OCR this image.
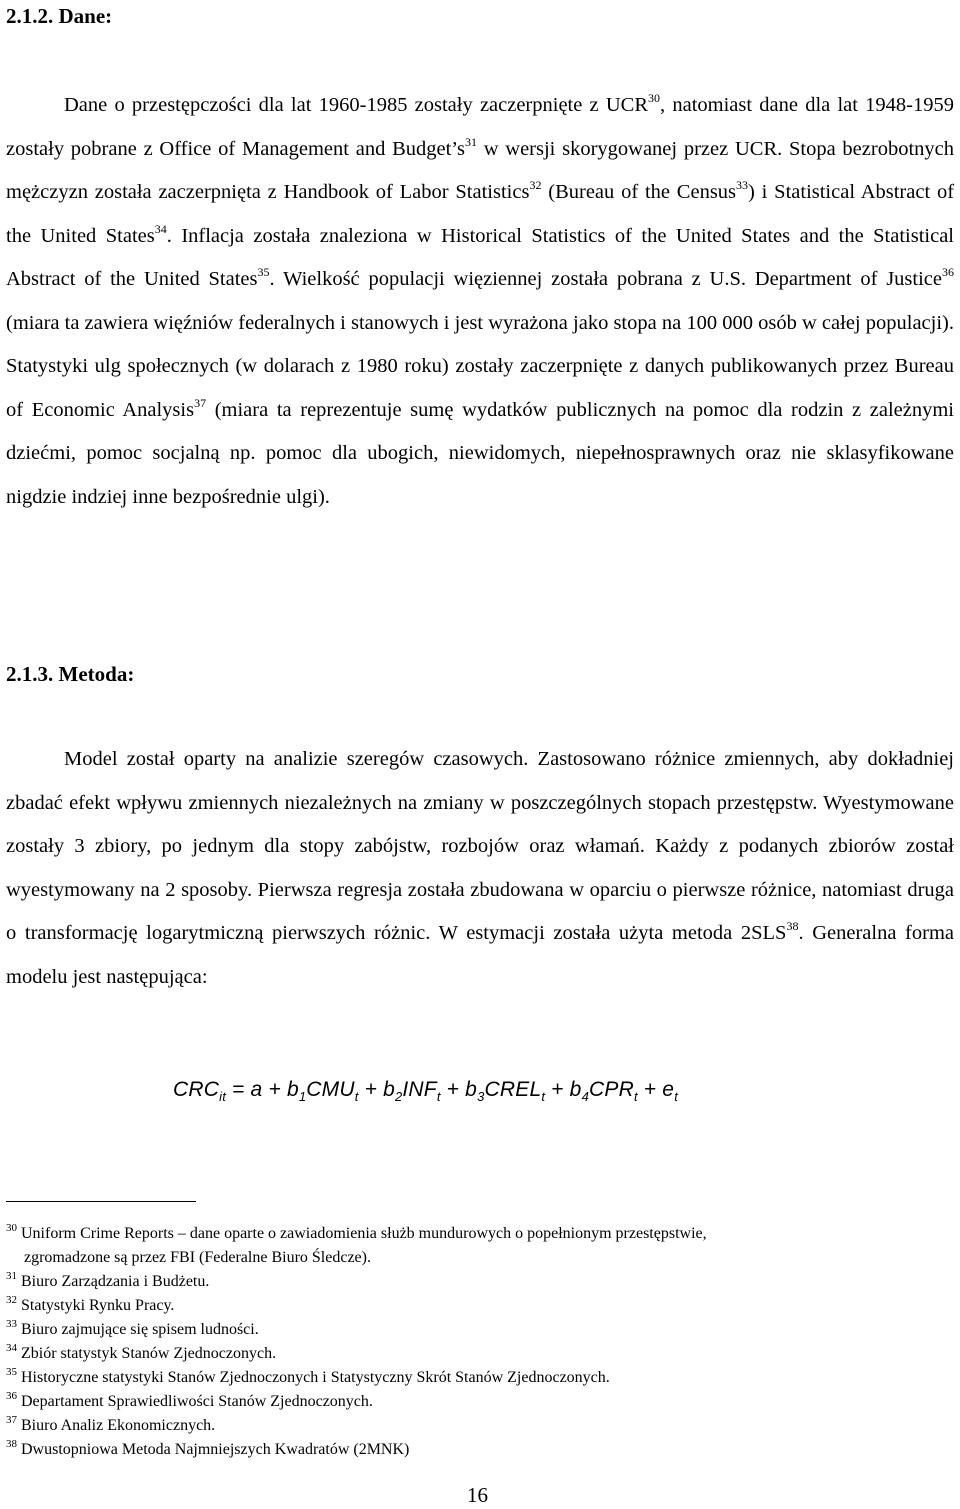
2.1.2. Dane:

Dane o przestępczości dla lat 1960-1985 zostały zaczerpnięte z UCR$^{30}$, natomiast dane dla lat 1948-1959 zostały pobrane z Office of Management and $Budget’s^{31}$ w wersji skorygowanej przez UCR. Stopa bezrobotnych mężczyzn została zaczerpnięta z Handbook of Labor Statistics$^{32}$ (Bureau of the Census$^{33}$) i Statistical Abstract of the United States$^{34}$. Inflacja została znaleziona w Historical Statistics of the United States and the Statistical Abstract of the United States$^{35}$. Wielkość populacji więziennej została pobrana z U.S. Department of Justice$^{36}$ (miara ta zawiera więźniów federalnych i stanowych i jest wyrażona jako stopa na 100 000 osób w całej populacji). Statystyki ulg społecznych (w dolarach z 1980 roku) zostały zaczerpnięte z danych publikowanych przez Bureau of Economic Analysis$^{37}$ (miara ta reprezentuje sumę wydatków publicznych na pomoc dla rodzin z zależnymi dziećmi, pomoc socjalną np. pomoc dla ubogich, niewidomych, niepełnosprawnych oraz nie sklasyfikowane nigdzie indziej inne bezpośrednie ulgi).

2.1.3. Metoda:

Model został oparty na analizie szeregów czasowych. Zastosowano różnice zmiennych, aby dokładniej zbadać efekt wpływu zmiennych niezależnych na zmiany w poszczególnych stopach przestępstw. Wyestymowane zostały 3 zbiory, po jednym dla stopy zabójstw, rozbojów oraz włamań. Każdy z podanych zbiorów został wyestymowany na 2 sposoby. Pierwsza regresja została zbudowana w oparciu o pierwsze różnice, natomiast druga o transformację logarytmiczną pierwszych różnic. W estymacji została użyta metoda 2SLS$^{38}$. Generalna forma modelu jest następująca:

$CRC_{it} = a + b_1CMU_t + b_2INF_t$ + $b_3CREL_t + b_4CPR_t + e_t$
$^{30}$ Uniform Crime Reports – dane oparte o zawiadomienia służb mundurowych o popełnionym przestępstwie,
zgromadzone są przez FBI (Federalne Biuro Śledcze).
$^{31}$ Biuro Zarządzania i Budżetu.
$^{32}$ Statystyki Rynku Pracy.
$^{33}$ Biuro zajmujące się spisem ludności.
$^{34}$ Zbiór statystyk Stanów Zjednoczonych.
$^{35}$ Historyczne statystyki Stanów Zjednoczonych i Statystyczny Skrót Stanów Zjednoczonych.
$^{36}$ Departament Sprawiedliwości Stanów Zjednoczonych.
$^{37}$ Biuro Analiz Ekonomicznych.
$^{38}$ Dwustopniowa Metoda Najmniejszych Kwadratów (2MNK)
16
